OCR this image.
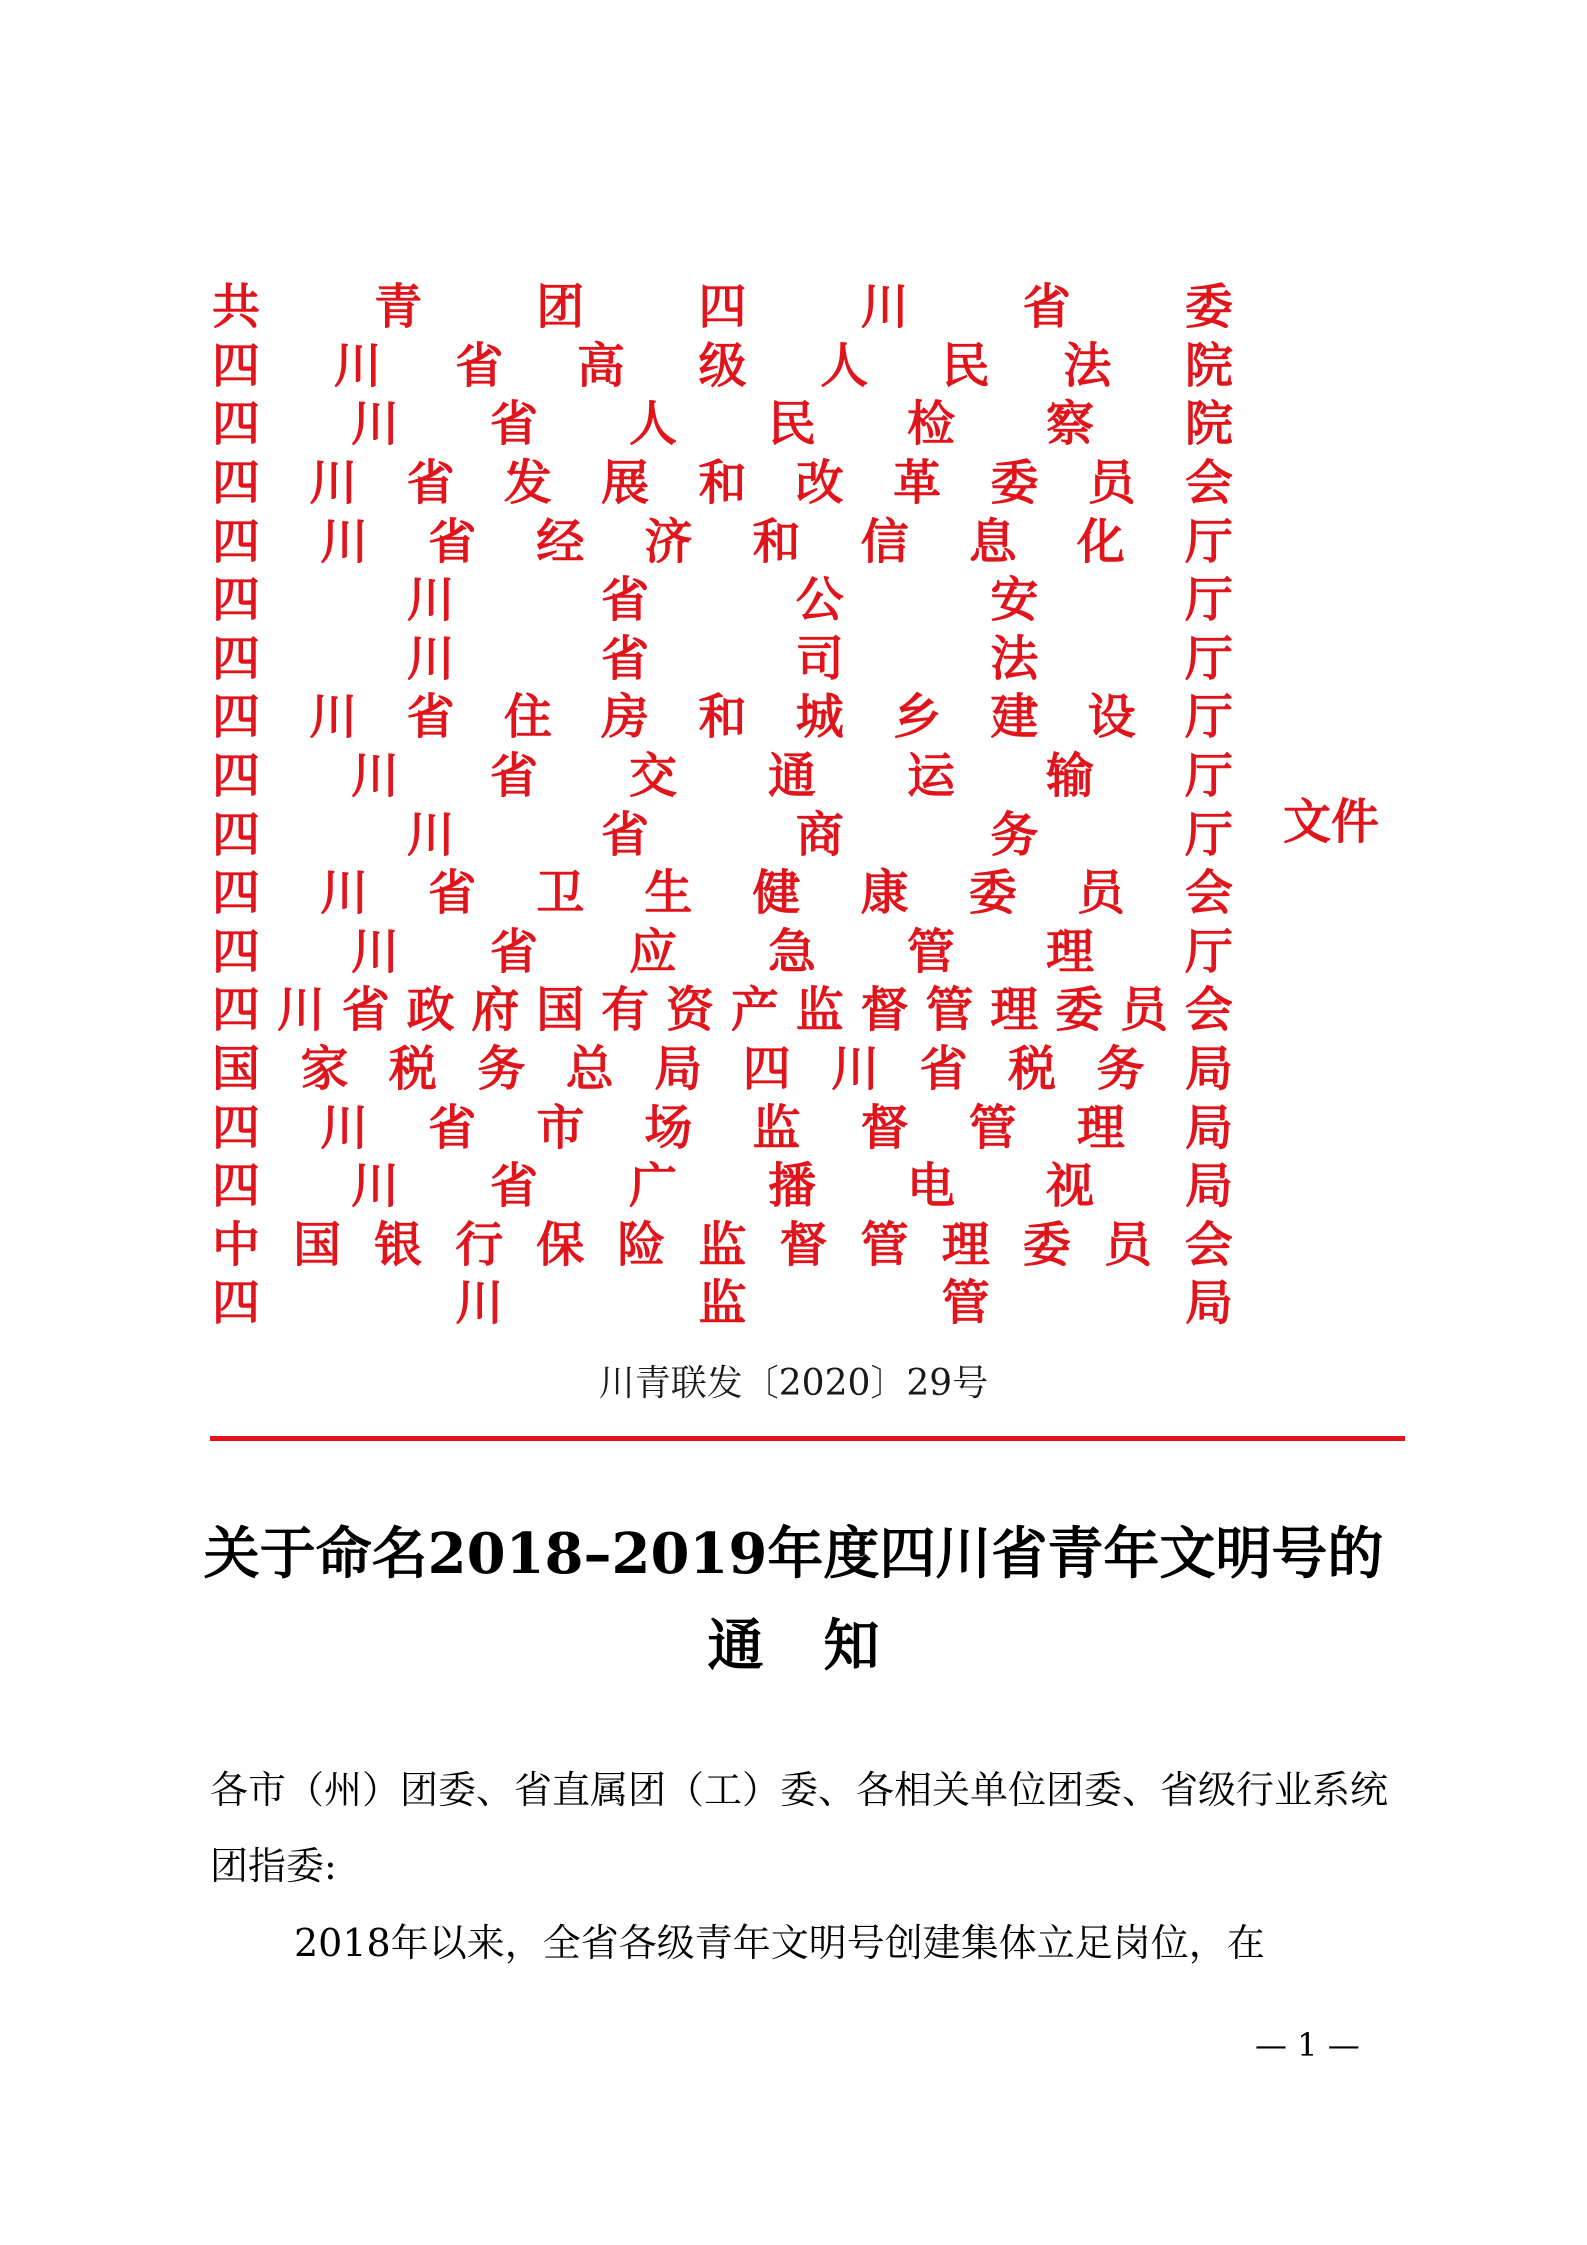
共 青 团 四 川 省 委
四 川 省 高 级 人 民 法 院
四 川 省 人 民 检 察 院
四 川 省 发 展 和 改 革 委 员 会
四 川 省 经 济 和 信 息 化 厅
四	川	省	公	安	厅
四	川	省	司	法	厅
四 川 省 住 房 和 城 乡 建 设 厅
四 川 省 交 通 运 输 厅
四	川	省	商	务	厅
四 川 省 卫 生 健 康 委 员 会
四 川 省 应 急 管 理 厅
四 川 省 政 府 国 有 资 产 监 督 管 理 委 员 会
国 家 税 务 总 局 四 川 省 税 务 局
四 川 省 市 场 监 督 管 理 局
四 川 省 广 播 电 视 局
中 国 银 行 保 险 监 督 管 理 委 员 会
四	川	监	管	局
文件
川青联发〔2020〕29号
关于命名2018–2019年度四川省青年文明号的
通知
各市（州）团委、省直属团（工）委、各相关单位团委、省级行业系统团指委:
2018年以来，全省各级青年文明号创建集体立足岗位，在
— 1 —
